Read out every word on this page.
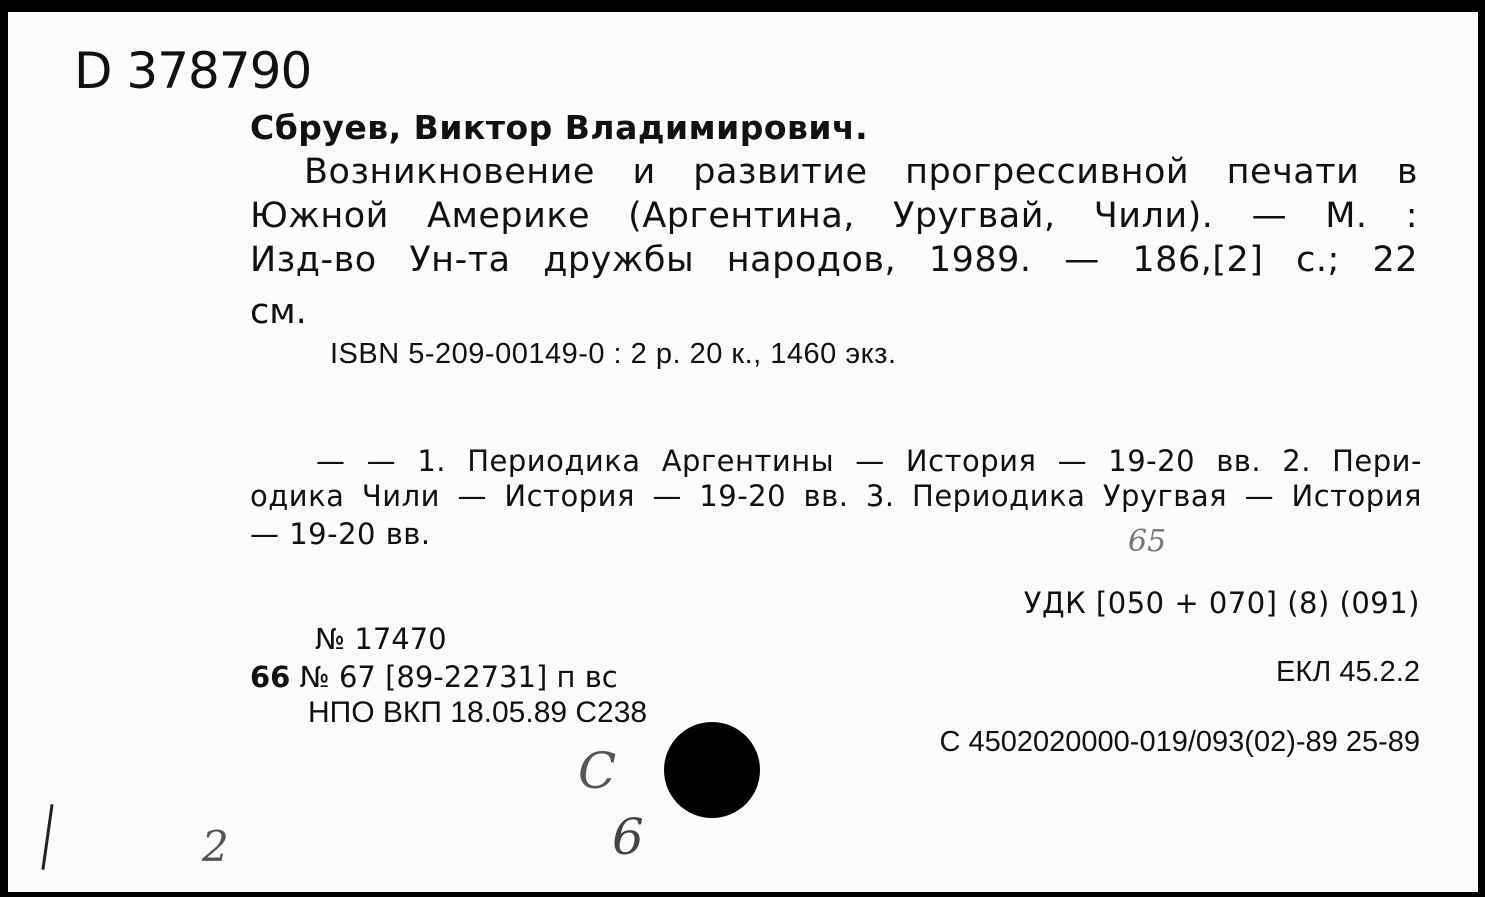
D 378790
Сбруев, Виктор Владимирович.
Возникновение и развитие прогрессивной печати в
Южной Америке (Аргентина, Уругвай, Чили). — М. :
Изд-во Ун-та дружбы народов, 1989. — 186,[2] с.; 22
см.
ISBN 5-209-00149-0 : 2 р. 20 к., 1460 экз.
— — 1. Периодика Аргентины — История — 19-20 вв. 2. Пери-
одика Чили — История — 19-20 вв. 3. Периодика Уругвая — История
— 19-20 вв.
УДК [050 + 070] (8) (091)
№ 17470
66 № 67 [89-22731] п вс	ЕКЛ 45.2.2
НПО ВКП 18.05.89 С238
С 4502020000-019/093(02)-89 25-89
65
С
6
2
